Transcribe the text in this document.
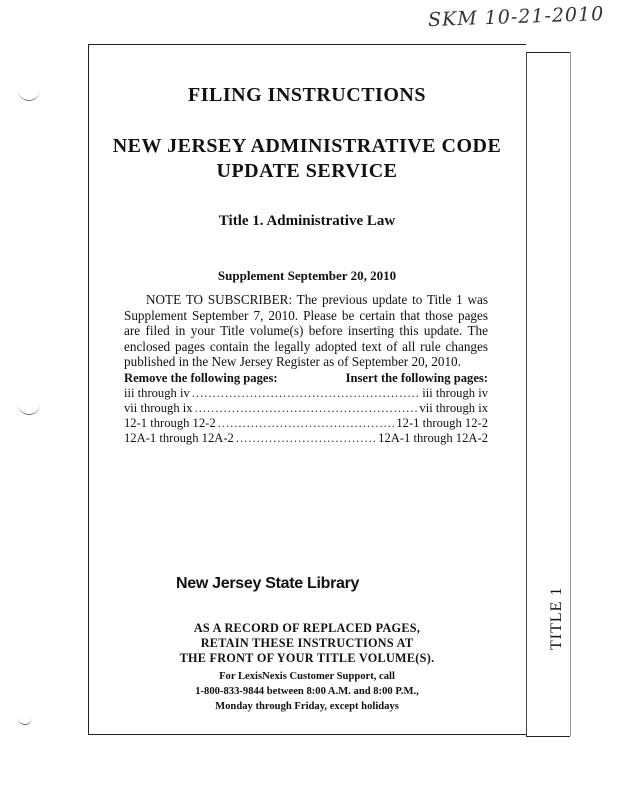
SKM 10-21-2010
FILING INSTRUCTIONS
NEW JERSEY ADMINISTRATIVE CODE
UPDATE SERVICE
Title 1. Administrative Law
Supplement September 20, 2010
NOTE TO SUBSCRIBER: The previous update to Title 1 was Supplement September 7, 2010. Please be certain that those pages are filed in your Title volume(s) before inserting this update. The enclosed pages contain the legally adopted text of all rule changes published in the New Jersey Register as of September 20, 2010.
Remove the following pages:	Insert the following pages:
iii through iv .....	iii through iv
vii through ix .....	vii through ix
12-1 through 12-2 .....	12-1 through 12-2
12A-1 through 12A-2 .....	12A-1 through 12A-2
New Jersey State Library
AS A RECORD OF REPLACED PAGES,
RETAIN THESE INSTRUCTIONS AT
THE FRONT OF YOUR TITLE VOLUME(S).
For LexisNexis Customer Support, call
1-800-833-9844 between 8:00 A.M. and 8:00 P.M.,
Monday through Friday, except holidays
TITLE 1
